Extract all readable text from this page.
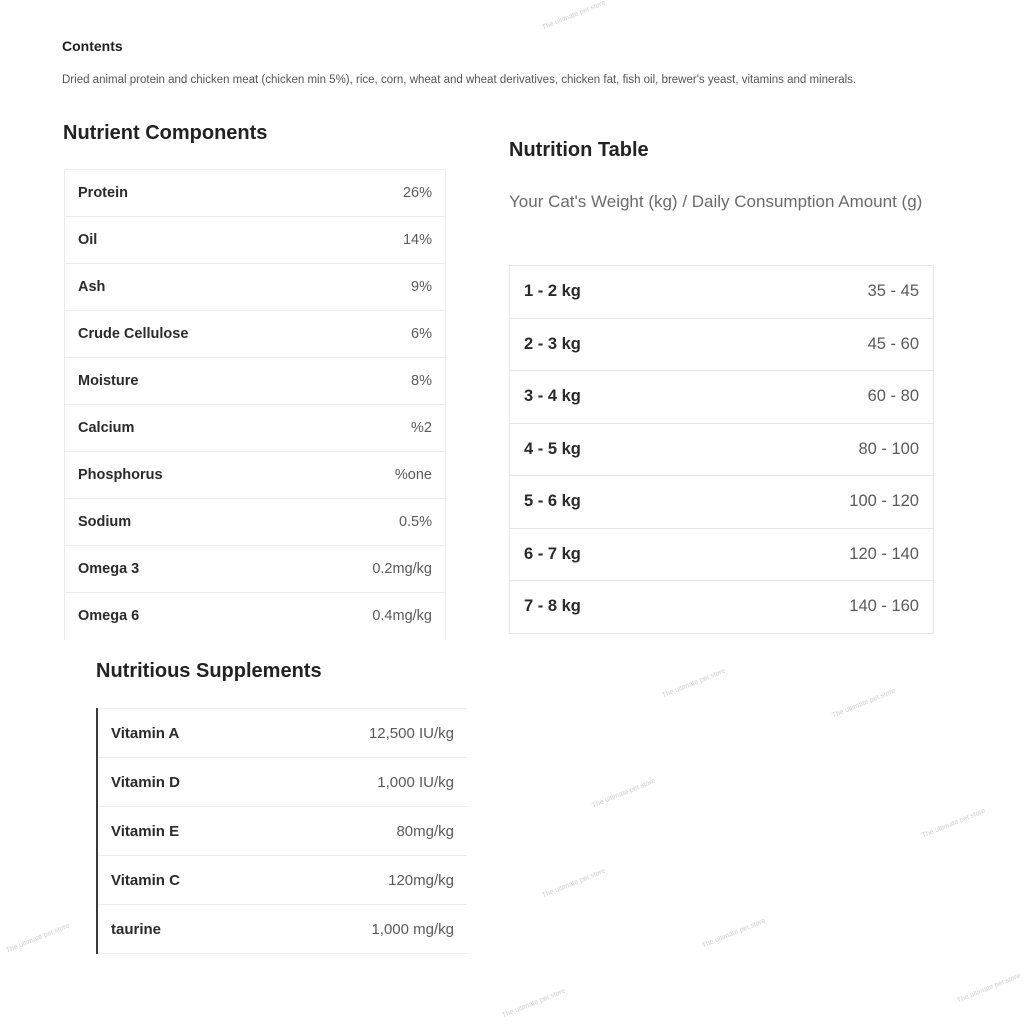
Contents
Dried animal protein and chicken meat (chicken min 5%), rice, corn, wheat and wheat derivatives, chicken fat, fish oil, brewer's yeast, vitamins and minerals.
Nutrient Components
Protein	26%
Oil	14%
Ash	9%
Crude Cellulose	6%
Moisture	8%
Calcium	%2
Phosphorus	%one
Sodium	0.5%
Omega 3	0.2mg/kg
Omega 6	0.4mg/kg
Nutrition Table
Your Cat's Weight (kg) / Daily Consumption Amount (g)
1 - 2 kg	35 - 45
2 - 3 kg	45 - 60
3 - 4 kg	60 - 80
4 - 5 kg	80 - 100
5 - 6 kg	100 - 120
6 - 7 kg	120 - 140
7 - 8 kg	140 - 160
Nutritious Supplements
Vitamin A	12,500 IU/kg
Vitamin D	1,000 IU/kg
Vitamin E	80mg/kg
Vitamin C	120mg/kg
taurine	1,000 mg/kg
The ultimate pet store
The ultimate pet store
The ultimate pet store
The ultimate pet store
The ultimate pet store
The ultimate pet store
The ultimate pet store
The ultimate pet store
The ultimate pet store
The ultimate pet store
